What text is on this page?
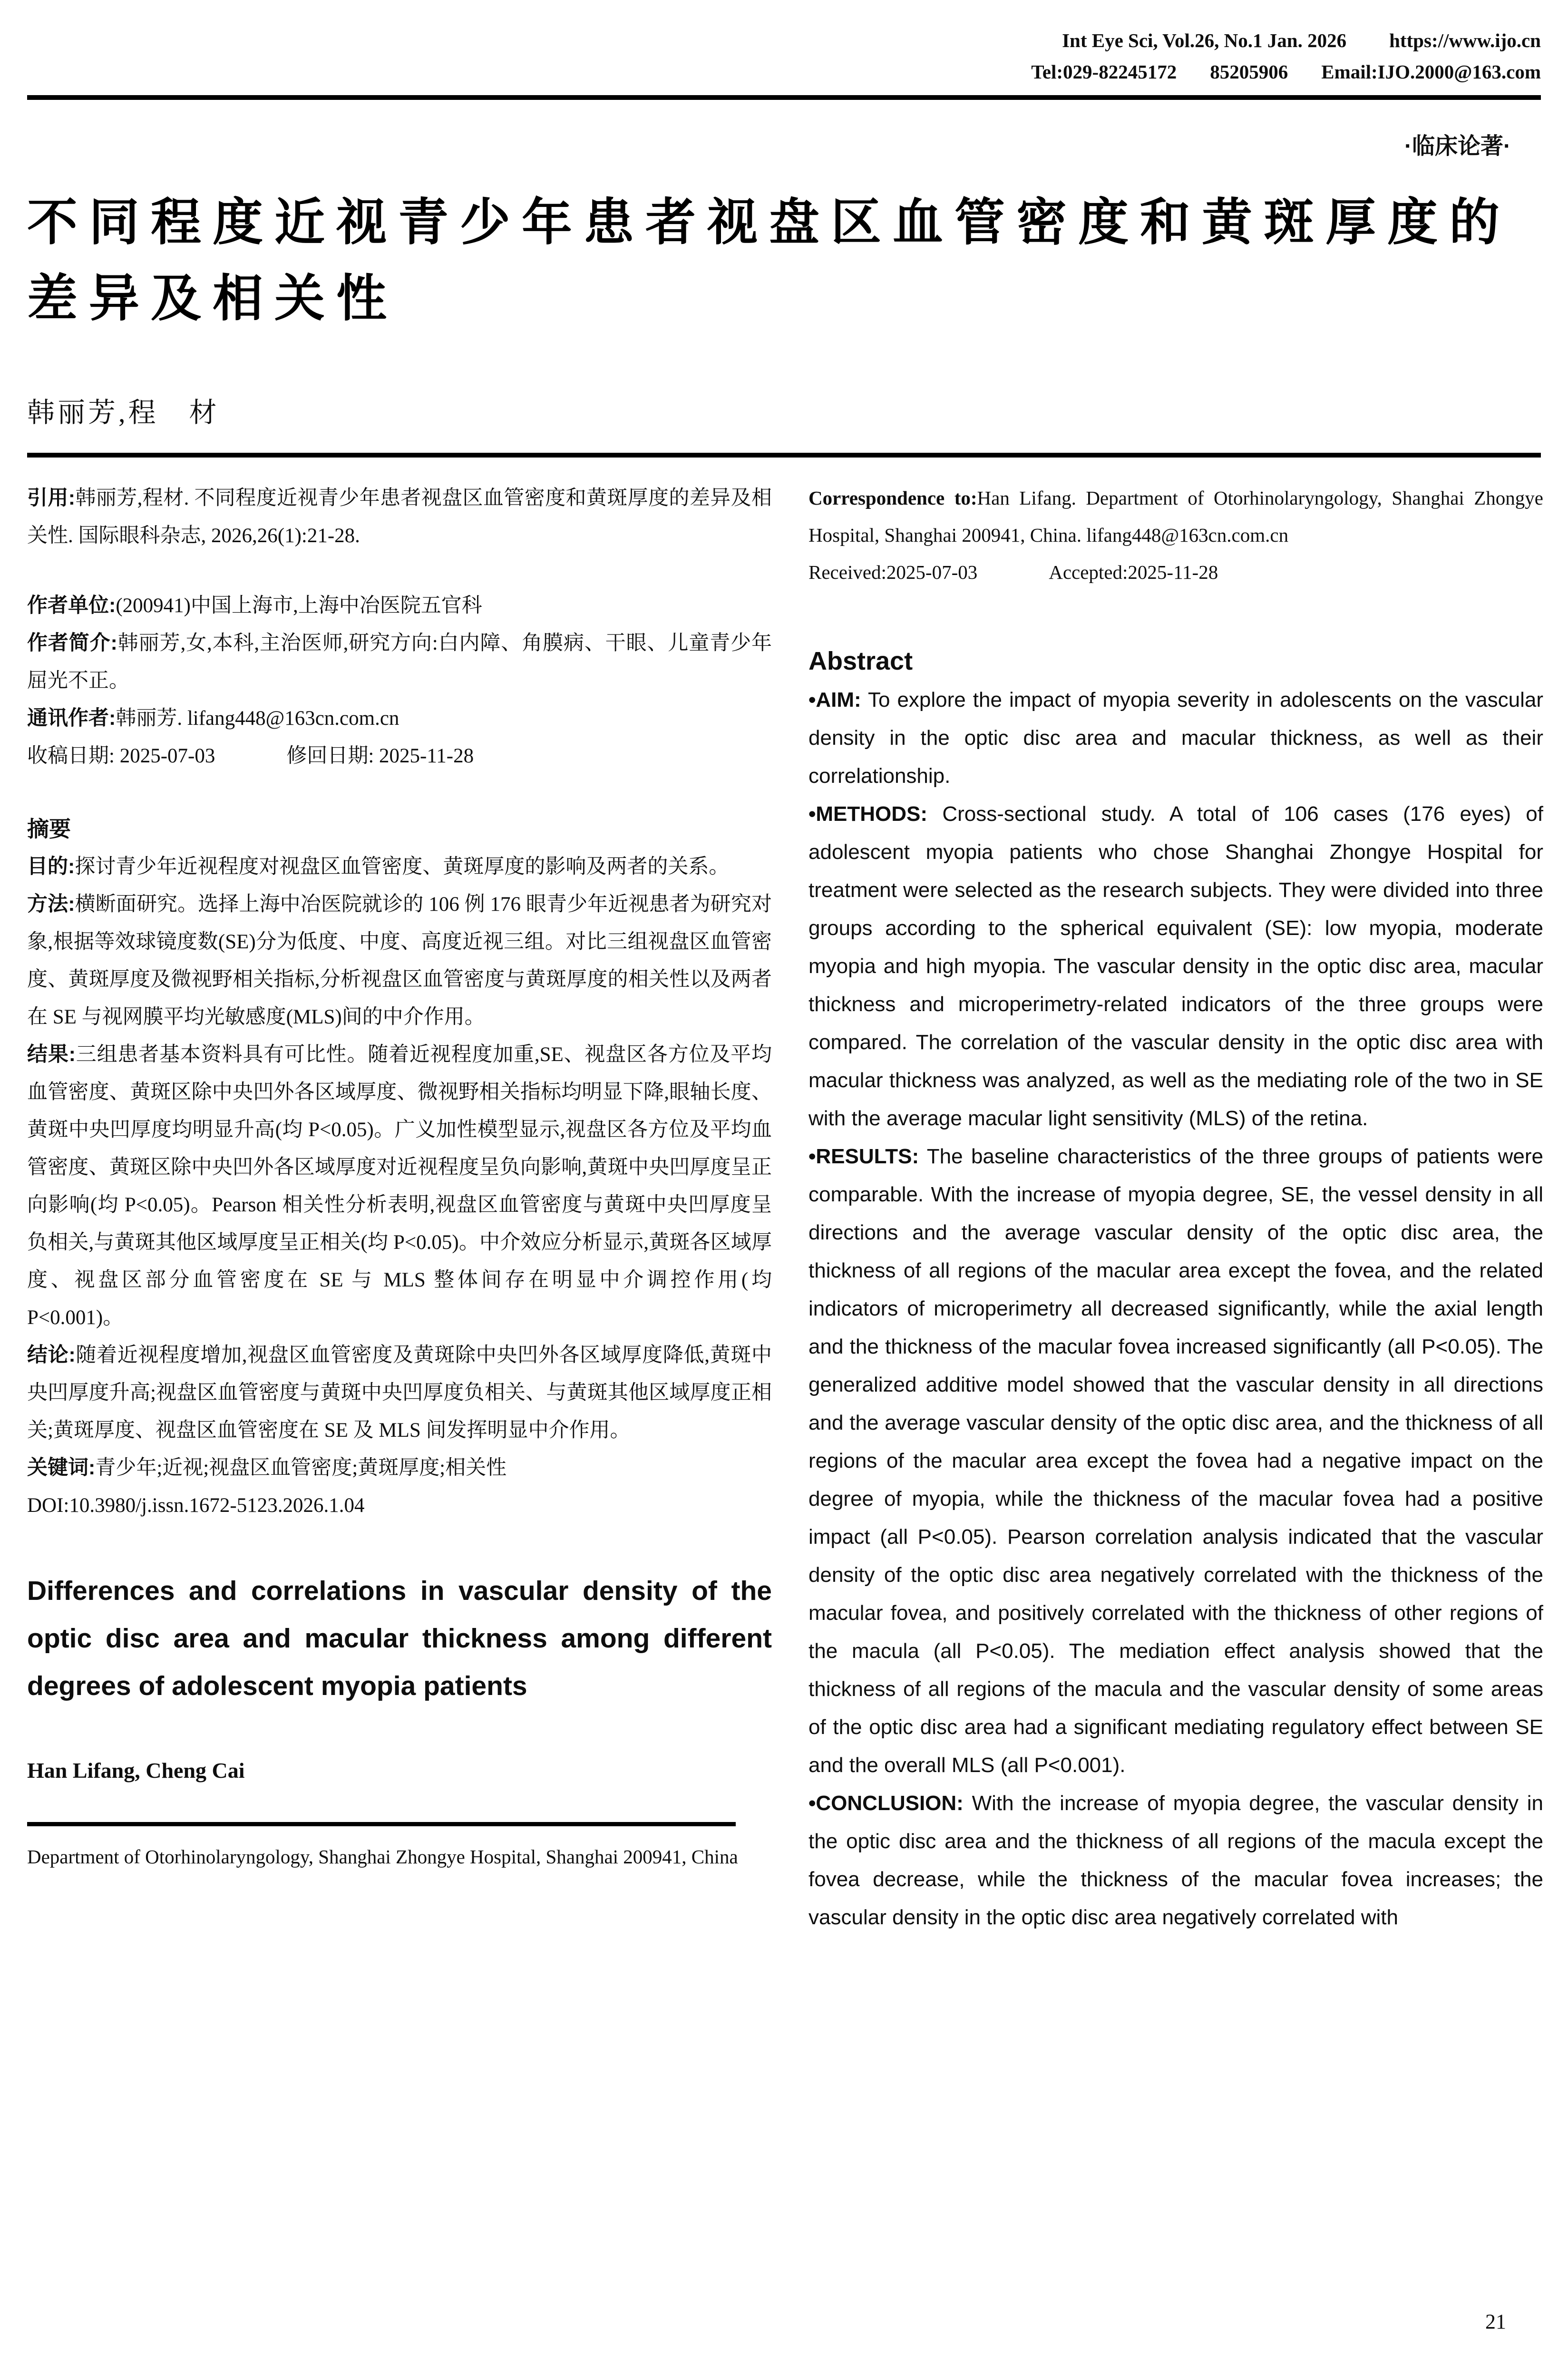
Int Eye Sci, Vol.26, No.1 Jan. 2026 https://www.ijo.cn
Tel:029-82245172 85205906 Email:IJO.2000@163.com
·临床论著·
不同程度近视青少年患者视盘区血管密度和黄斑厚度的差异及相关性
韩丽芳,程　材

引用:韩丽芳,程材. 不同程度近视青少年患者视盘区血管密度和黄斑厚度的差异及相关性. 国际眼科杂志, 2026,26(1):21-28.

作者单位:(200941)中国上海市,上海中冶医院五官科

作者简介:韩丽芳,女,本科,主治医师,研究方向:白内障、角膜病、干眼、儿童青少年屈光不正。

通讯作者:韩丽芳. lifang448@163cn.com.cn

收稿日期: 2025-07-03	修回日期: 2025-11-28

摘要

目的:探讨青少年近视程度对视盘区血管密度、黄斑厚度的影响及两者的关系。

方法:横断面研究。选择上海中冶医院就诊的 106 例 176 眼青少年近视患者为研究对象,根据等效球镜度数(SE)分为低度、中度、高度近视三组。对比三组视盘区血管密度、黄斑厚度及微视野相关指标,分析视盘区血管密度与黄斑厚度的相关性以及两者在 SE 与视网膜平均光敏感度(MLS)间的中介作用。

结果:三组患者基本资料具有可比性。随着近视程度加重,SE、视盘区各方位及平均血管密度、黄斑区除中央凹外各区域厚度、微视野相关指标均明显下降,眼轴长度、黄斑中央凹厚度均明显升高(均 P<0.05)。广义加性模型显示,视盘区各方位及平均血管密度、黄斑区除中央凹外各区域厚度对近视程度呈负向影响,黄斑中央凹厚度呈正向影响(均 P<0.05)。Pearson 相关性分析表明,视盘区血管密度与黄斑中央凹厚度呈负相关,与黄斑其他区域厚度呈正相关(均 P<0.05)。中介效应分析显示,黄斑各区域厚度、视盘区部分血管密度在 SE 与 MLS 整体间存在明显中介调控作用(均 P<0.001)。

结论:随着近视程度增加,视盘区血管密度及黄斑除中央凹外各区域厚度降低,黄斑中央凹厚度升高;视盘区血管密度与黄斑中央凹厚度负相关、与黄斑其他区域厚度正相关;黄斑厚度、视盘区血管密度在 SE 及 MLS 间发挥明显中介作用。

关键词:青少年;近视;视盘区血管密度;黄斑厚度;相关性

DOI:10.3980/j.issn.1672-5123.2026.1.04

Differences and correlations in vascular density of the optic disc area and macular thickness among different degrees of adolescent myopia patients
Han Lifang, Cheng Cai

Department of Otorhinolaryngology, Shanghai Zhongye Hospital, Shanghai 200941, China

Correspondence to:Han Lifang. Department of Otorhinolaryngology, Shanghai Zhongye Hospital, Shanghai 200941, China. lifang448@163cn.com.cn

Received:2025-07-03	Accepted:2025-11-28

Abstract

•AIM: To explore the impact of myopia severity in adolescents on the vascular density in the optic disc area and macular thickness, as well as their correlationship.

•METHODS: Cross-sectional study. A total of 106 cases (176 eyes) of adolescent myopia patients who chose Shanghai Zhongye Hospital for treatment were selected as the research subjects. They were divided into three groups according to the spherical equivalent (SE): low myopia, moderate myopia and high myopia. The vascular density in the optic disc area, macular thickness and microperimetry-related indicators of the three groups were compared. The correlation of the vascular density in the optic disc area with macular thickness was analyzed, as well as the mediating role of the two in SE with the average macular light sensitivity (MLS) of the retina.

•RESULTS: The baseline characteristics of the three groups of patients were comparable. With the increase of myopia degree, SE, the vessel density in all directions and the average vascular density of the optic disc area, the thickness of all regions of the macular area except the fovea, and the related indicators of microperimetry all decreased significantly, while the axial length and the thickness of the macular fovea increased significantly (all P<0.05). The generalized additive model showed that the vascular density in all directions and the average vascular density of the optic disc area, and the thickness of all regions of the macular area except the fovea had a negative impact on the degree of myopia, while the thickness of the macular fovea had a positive impact (all P<0.05). Pearson correlation analysis indicated that the vascular density of the optic disc area negatively correlated with the thickness of the macular fovea, and positively correlated with the thickness of other regions of the macula (all P<0.05). The mediation effect analysis showed that the thickness of all regions of the macula and the vascular density of some areas of the optic disc area had a significant mediating regulatory effect between SE and the overall MLS (all P<0.001).

•CONCLUSION: With the increase of myopia degree, the vascular density in the optic disc area and the thickness of all regions of the macula except the fovea decrease, while the thickness of the macular fovea increases; the vascular density in the optic disc area negatively correlated with

21
